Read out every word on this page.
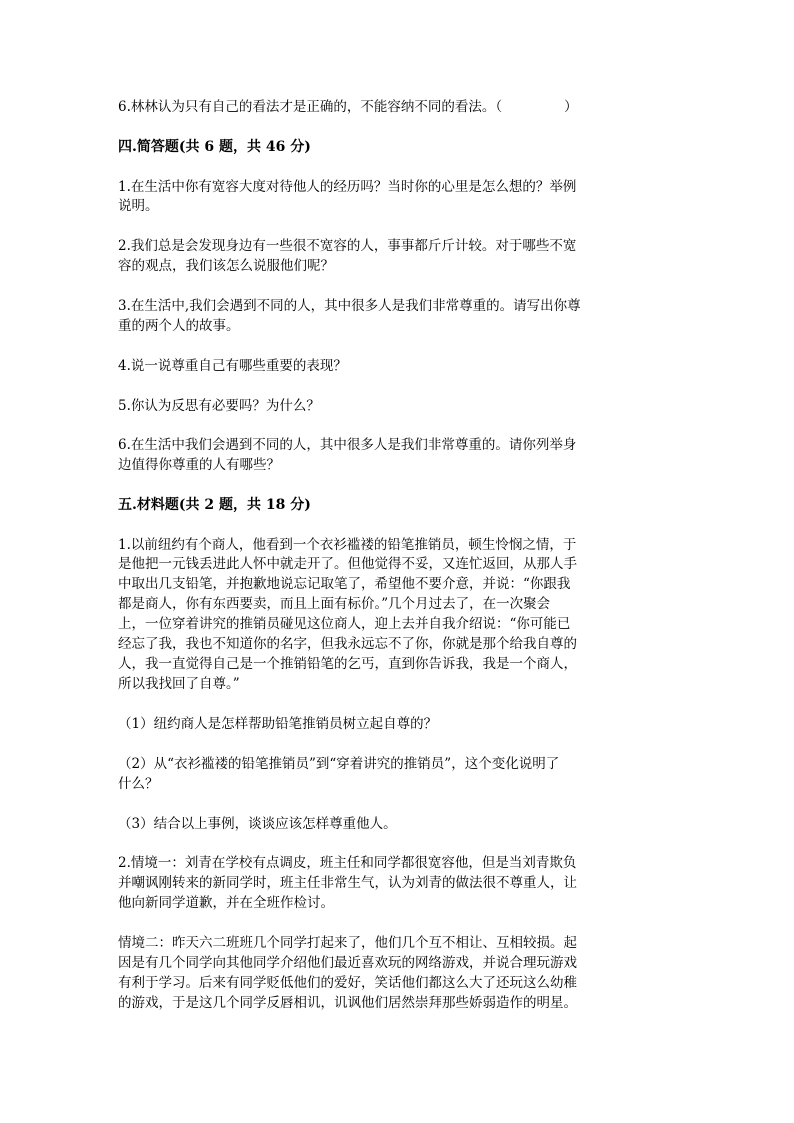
6.林林认为只有自己的看法才是正确的，不能容纳不同的看法。（	）
四.简答题(共 6 题，共 46 分)
1.在生活中你有宽容大度对待他人的经历吗？当时你的心里是怎么想的？举例
说明。
2.我们总是会发现身边有一些很不宽容的人，事事都斤斤计较。对于哪些不宽
容的观点，我们该怎么说服他们呢？
3.在生活中,我们会遇到不同的人，其中很多人是我们非常尊重的。请写出你尊
重的两个人的故事。
4.说一说尊重自己有哪些重要的表现？
5.你认为反思有必要吗？为什么？
6.在生活中我们会遇到不同的人，其中很多人是我们非常尊重的。请你列举身
边值得你尊重的人有哪些？
五.材料题(共 2 题，共 18 分)
1.以前纽约有个商人，他看到一个衣衫褴褛的铅笔推销员，顿生怜悯之情，于
是他把一元钱丢进此人怀中就走开了。但他觉得不妥，又连忙返回，从那人手
中取出几支铅笔，并抱歉地说忘记取笔了，希望他不要介意，并说：“你跟我
都是商人，你有东西要卖，而且上面有标价。”几个月过去了，在一次聚会
上，一位穿着讲究的推销员碰见这位商人，迎上去并自我介绍说：“你可能已
经忘了我，我也不知道你的名字，但我永远忘不了你，你就是那个给我自尊的
人，我一直觉得自己是一个推销铅笔的乞丐，直到你告诉我，我是一个商人，
所以我找回了自尊。”
（1）纽约商人是怎样帮助铅笔推销员树立起自尊的？
（2）从“衣衫褴褛的铅笔推销员”到“穿着讲究的推销员”，这个变化说明了
什么？
（3）结合以上事例，谈谈应该怎样尊重他人。
2.情境一：刘青在学校有点调皮，班主任和同学都很宽容他，但是当刘青欺负
并嘲讽刚转来的新同学时，班主任非常生气，认为刘青的做法很不尊重人，让
他向新同学道歉，并在全班作检讨。
情境二：昨天六二班班几个同学打起来了，他们几个互不相让、互相较损。起
因是有几个同学向其他同学介绍他们最近喜欢玩的网络游戏，并说合理玩游戏
有利于学习。后来有同学贬低他们的爱好，笑话他们都这么大了还玩这么幼稚
的游戏，于是这几个同学反唇相讥，讥讽他们居然崇拜那些娇弱造作的明星。
